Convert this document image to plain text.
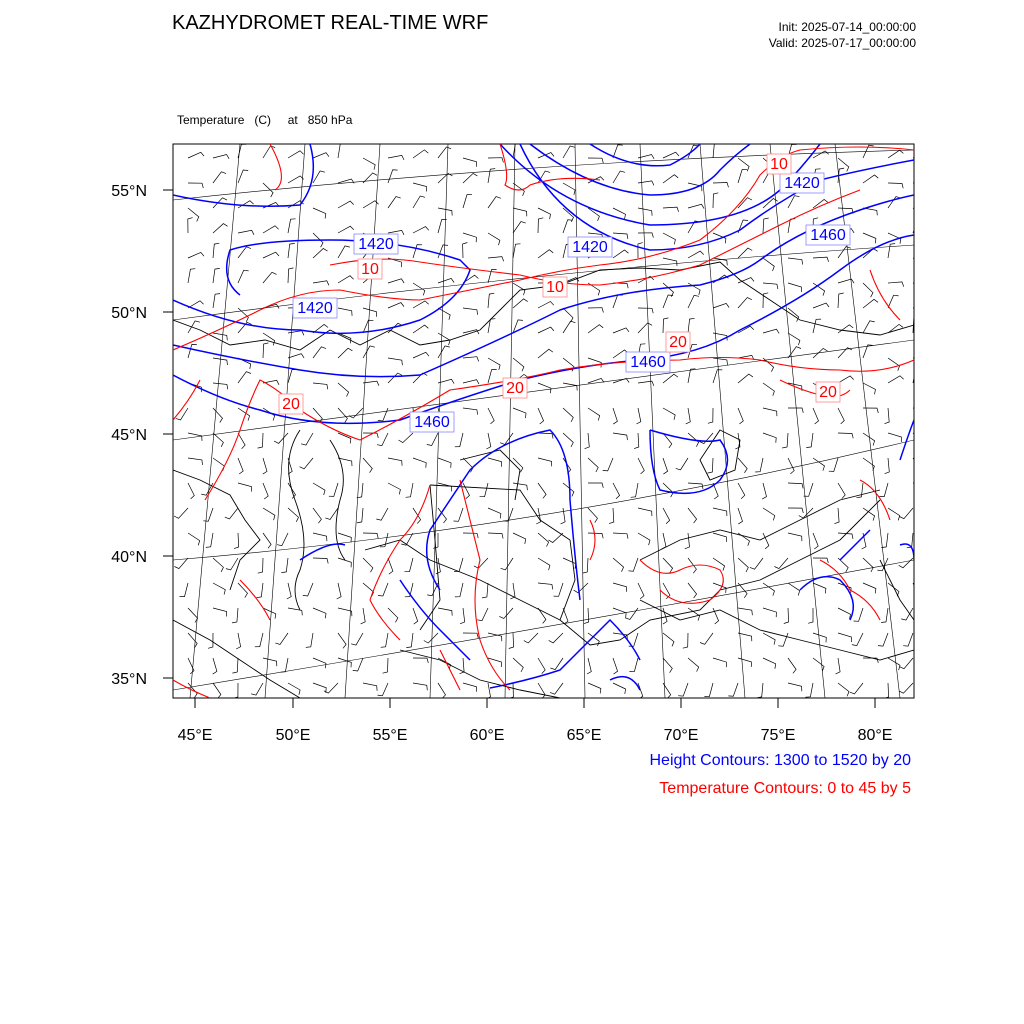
KAZHYDROMET REAL-TIME WRF	Init: 2025-07-14_00:00:00
Valid: 2025-07-17_00:00:00

Temperature   (C)     at   850 hPa

1420
1420
1420
1420
1460
1460
1460
10
10
10
20
20
20
20
55°N
50°N
45°N
40°N
35°N
45°E	50°E	55°E	60°E	65°E	70°E	75°E	80°E
Height Contours: 1300 to 1520 by 20
Temperature Contours: 0 to 45 by 5
